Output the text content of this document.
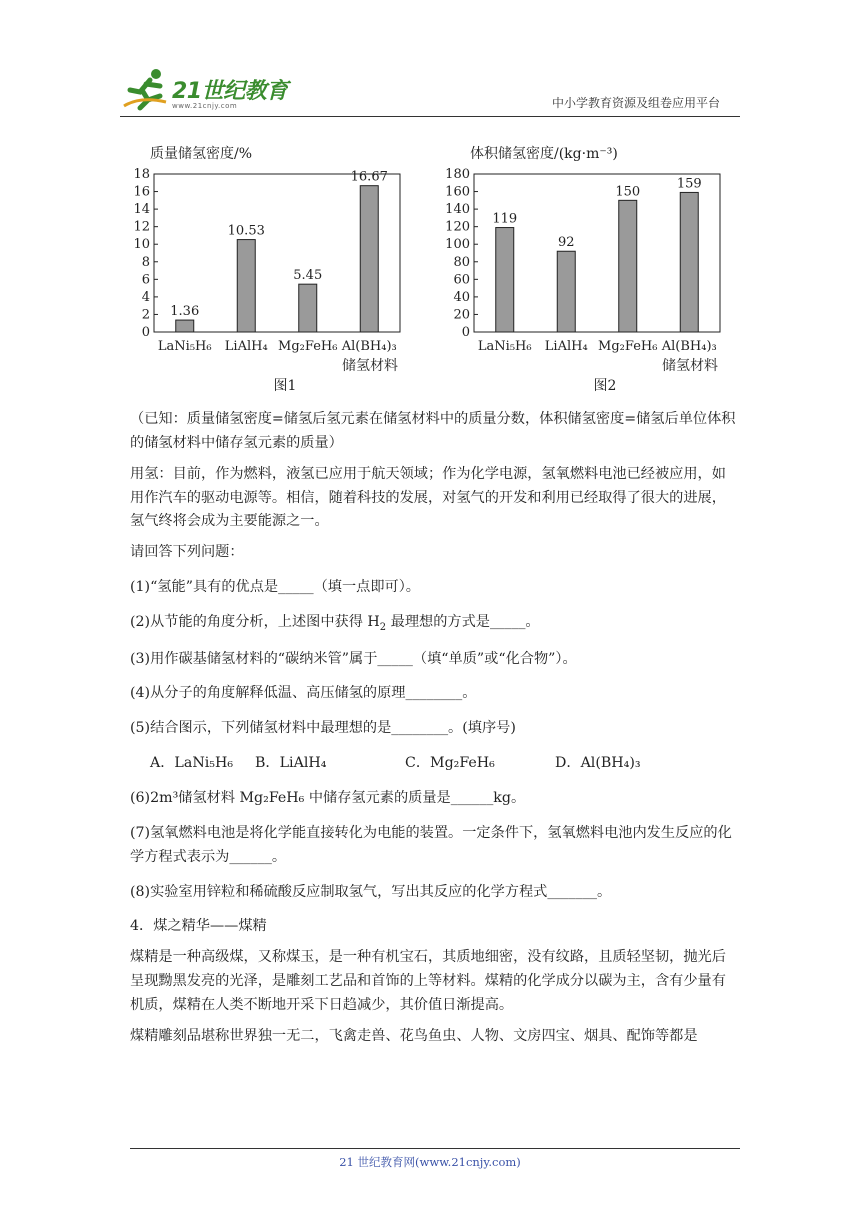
21世纪教育
www.21cnjy.com	中小学教育资源及组卷应用平台
质量储氢密度/%
0
2
4
6
8
10
12
14
16
18
1.36
LaNi₅H₆
10.53
LiAlH₄
5.45
Mg₂FeH₆
16.67
Al(BH₄)₃
储氢材料
图1
体积储氢密度/(kg·m⁻³)
0
20
40
60
80
100
120
140
160
180
119
LaNi₅H₆
92
LiAlH₄
150
Mg₂FeH₆
159
Al(BH₄)₃
储氢材料
图2

（已知：质量储氢密度=储氢后氢元素在储氢材料中的质量分数，体积储氢密度=储氢后单位体积的储氢材料中储存氢元素的质量）

用氢：目前，作为燃料，液氢已应用于航天领域；作为化学电源，氢氧燃料电池已经被应用，如用作汽车的驱动电源等。相信，随着科技的发展，对氢气的开发和利用已经取得了很大的进展，氢气终将会成为主要能源之一。

请回答下列问题：

(1)“氢能”具有的优点是_____（填一点即可）。

(2)从节能的角度分析，上述图中获得 $H_2$ 最理想的方式是_____。

(3)用作碳基储氢材料的“碳纳米管”属于_____（填“单质”或“化合物”）。

(4)从分子的角度解释低温、高压储氢的原理________。

(5)结合图示，下列储氢材料中最理想的是________。(填序号)

A．LaNi₅H₆ B．LiAlH₄	C．Mg₂FeH₆	D．Al(BH₄)₃

(6)2m³储氢材料 Mg₂FeH₆ 中储存氢元素的质量是______kg。

(7)氢氧燃料电池是将化学能直接转化为电能的装置。一定条件下，氢氧燃料电池内发生反应的化学方程式表示为______。

(8)实验室用锌粒和稀硫酸反应制取氢气，写出其反应的化学方程式_______。

4．煤之精华——煤精

煤精是一种高级煤，又称煤玉，是一种有机宝石，其质地细密，没有纹路，且质轻坚韧，抛光后呈现黝黑发亮的光泽，是雕刻工艺品和首饰的上等材料。煤精的化学成分以碳为主，含有少量有机质，煤精在人类不断地开采下日趋减少，其价值日渐提高。

煤精雕刻品堪称世界独一无二，飞禽走兽、花鸟鱼虫、人物、文房四宝、烟具、配饰等都是

21 世纪教育网(www.21cnjy.com)
